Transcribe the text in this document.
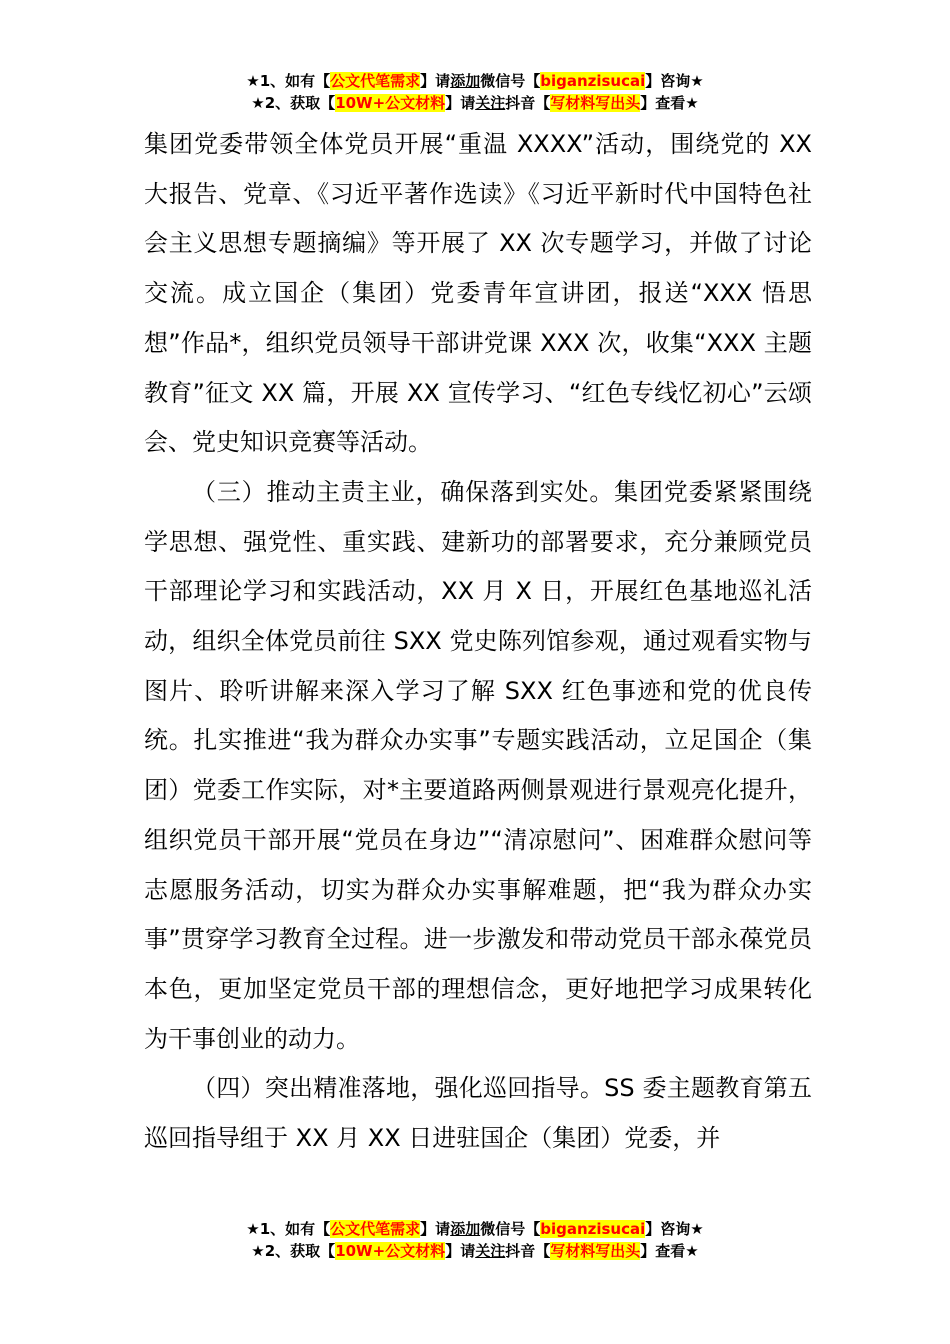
★1、如有【公文代笔需求】请添加微信号【biganzisucai】咨询★
★2、获取【10W+公文材料】请关注抖音【写材料写出头】查看★

集团党委带领全体党员开展“重温 XXXX”活动，围绕党的 XX 大报告、党章、《习近平著作选读》《习近平新时代中国特色社会主义思想专题摘编》等开展了 XX 次专题学习，并做了讨论交流。成立国企（集团）党委青年宣讲团，报送“XXX 悟思想”作品*，组织党员领导干部讲党课 XXX 次，收集“XXX 主题教育”征文 XX 篇，开展 XX 宣传学习、“红色专线忆初心”云颂会、党史知识竞赛等活动。

（三）推动主责主业，确保落到实处。集团党委紧紧围绕学思想、强党性、重实践、建新功的部署要求，充分兼顾党员干部理论学习和实践活动，XX 月 X 日，开展红色基地巡礼活动，组织全体党员前往 SXX 党史陈列馆参观，通过观看实物与图片、聆听讲解来深入学习了解 SXX 红色事迹和党的优良传统。扎实推进“我为群众办实事”专题实践活动，立足国企（集团）党委工作实际，对*主要道路两侧景观进行景观亮化提升，组织党员干部开展“党员在身边”“清凉慰问”、困难群众慰问等志愿服务活动，切实为群众办实事解难题，把“我为群众办实事”贯穿学习教育全过程。进一步激发和带动党员干部永葆党员本色，更加坚定党员干部的理想信念，更好地把学习成果转化为干事创业的动力。

（四）突出精准落地，强化巡回指导。SS 委主题教育第五巡回指导组于 XX 月 XX 日进驻国企（集团）党委，并

★1、如有【公文代笔需求】请添加微信号【biganzisucai】咨询★
★2、获取【10W+公文材料】请关注抖音【写材料写出头】查看★
